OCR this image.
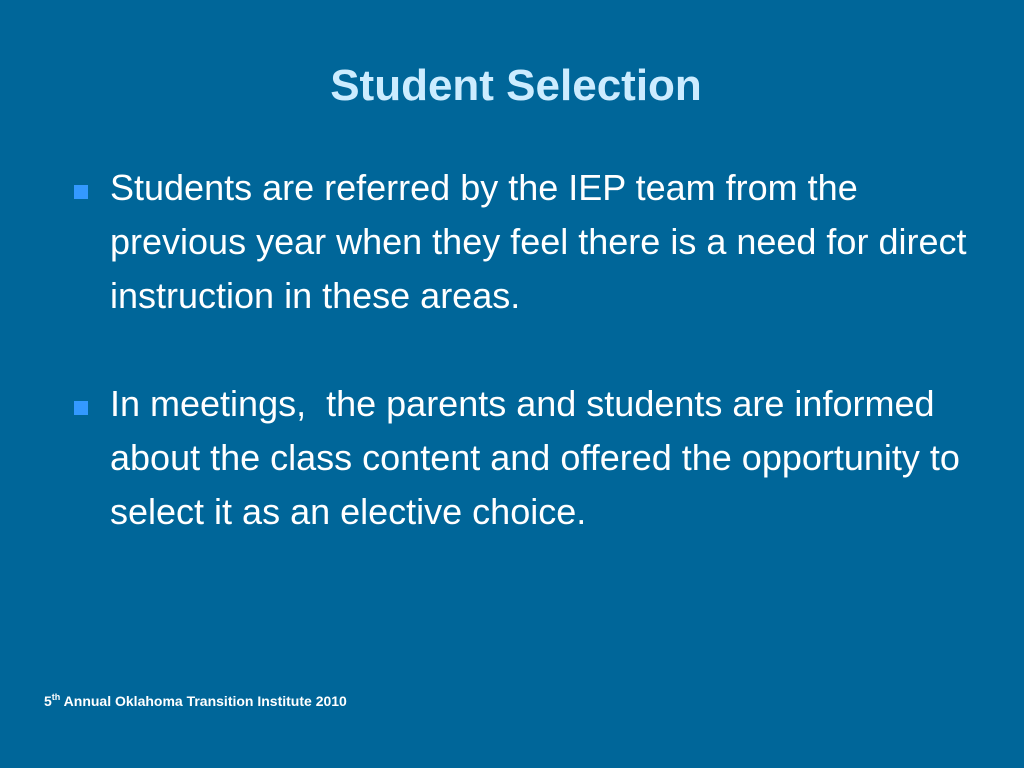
Student Selection
Students are referred by the IEP team from the previous year when they feel there is a need for direct instruction in these areas.
In meetings,  the parents and students are informed about the class content and offered the opportunity to select it as an elective choice.

5th Annual Oklahoma Transition Institute 2010
